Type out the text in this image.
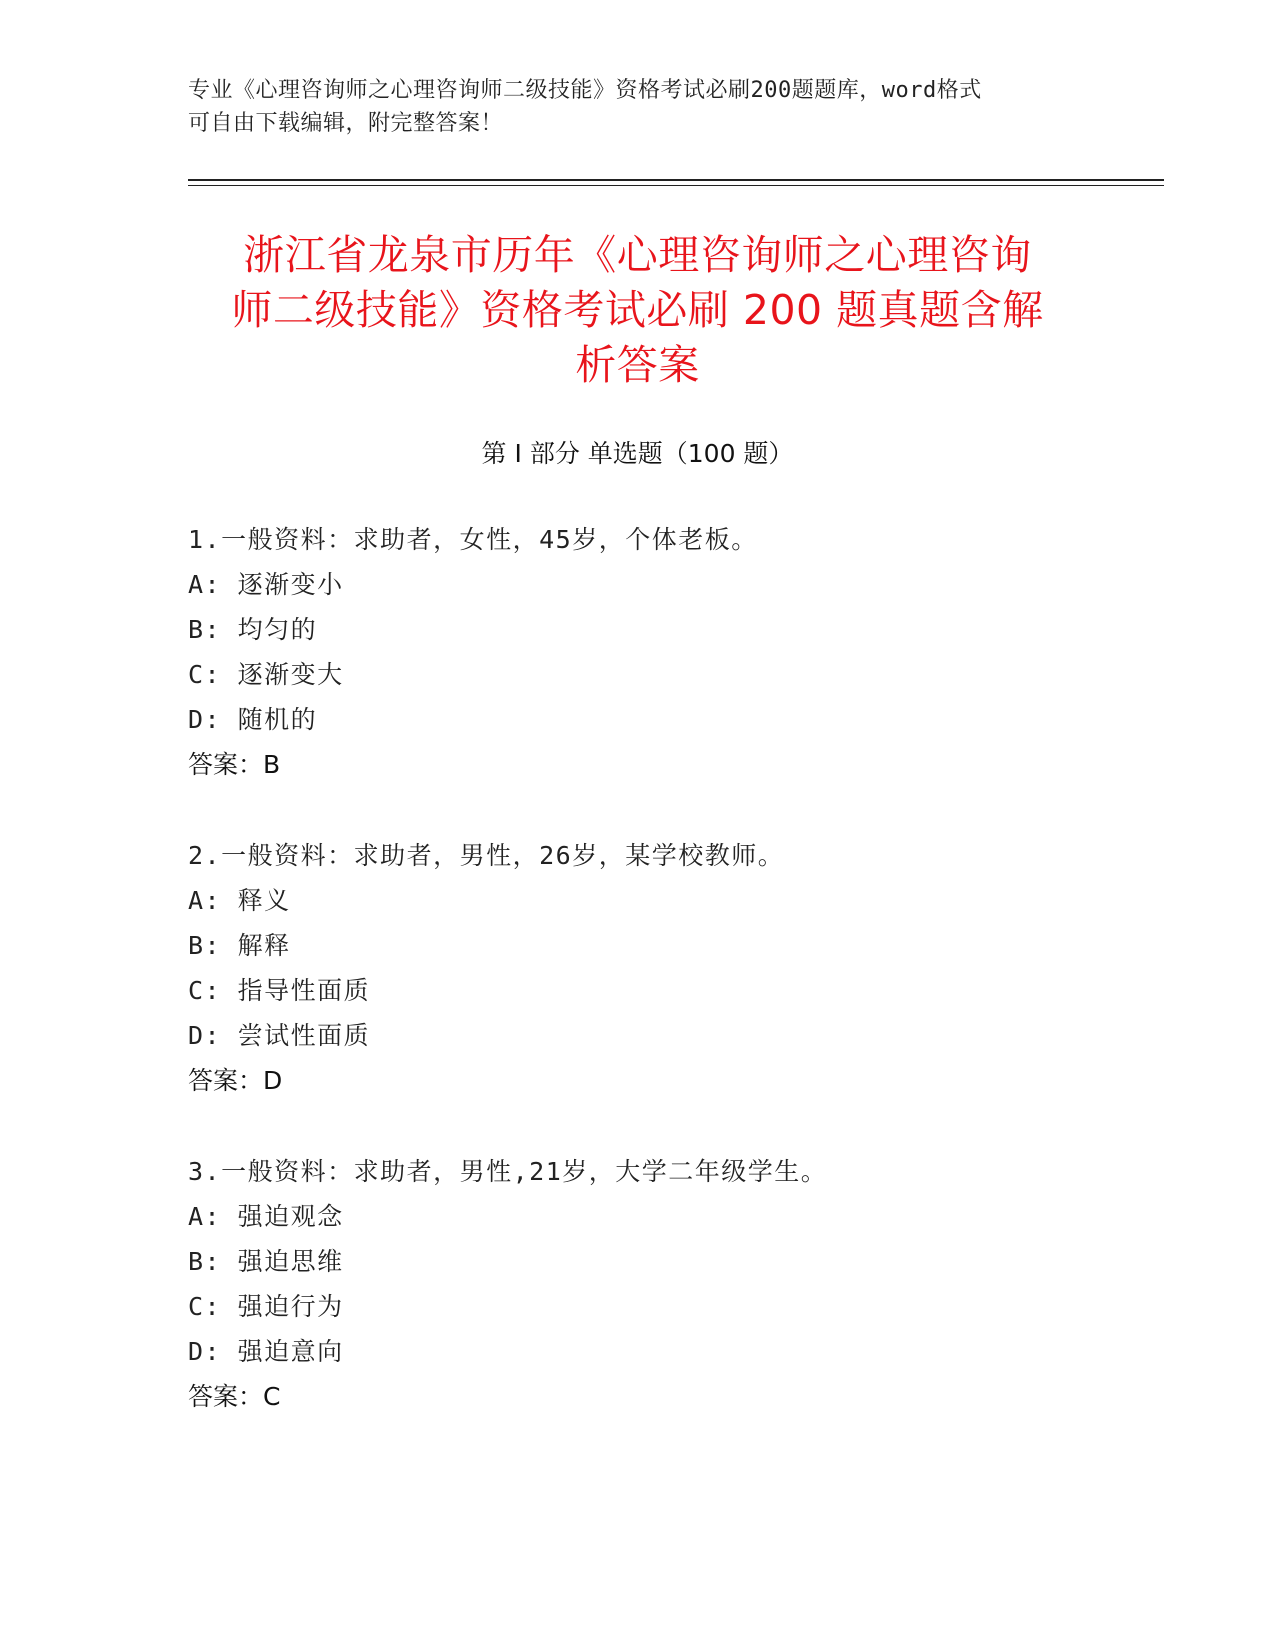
专业《心理咨询师之心理咨询师二级技能》资格考试必刷200题题库，word格式
可自由下载编辑，附完整答案！
浙江省龙泉市历年《心理咨询师之心理咨询
师二级技能》资格考试必刷 200 题真题含解
析答案
第 I 部分 单选题（100 题）
1.一般资料：求助者，女性，45岁，个体老板。
A: 逐渐变小
B: 均匀的
C: 逐渐变大
D: 随机的
答案：B
2.一般资料：求助者，男性，26岁，某学校教师。
A: 释义
B: 解释
C: 指导性面质
D: 尝试性面质
答案：D
3.一般资料：求助者，男性,21岁，大学二年级学生。
A: 强迫观念
B: 强迫思维
C: 强迫行为
D: 强迫意向
答案：C
